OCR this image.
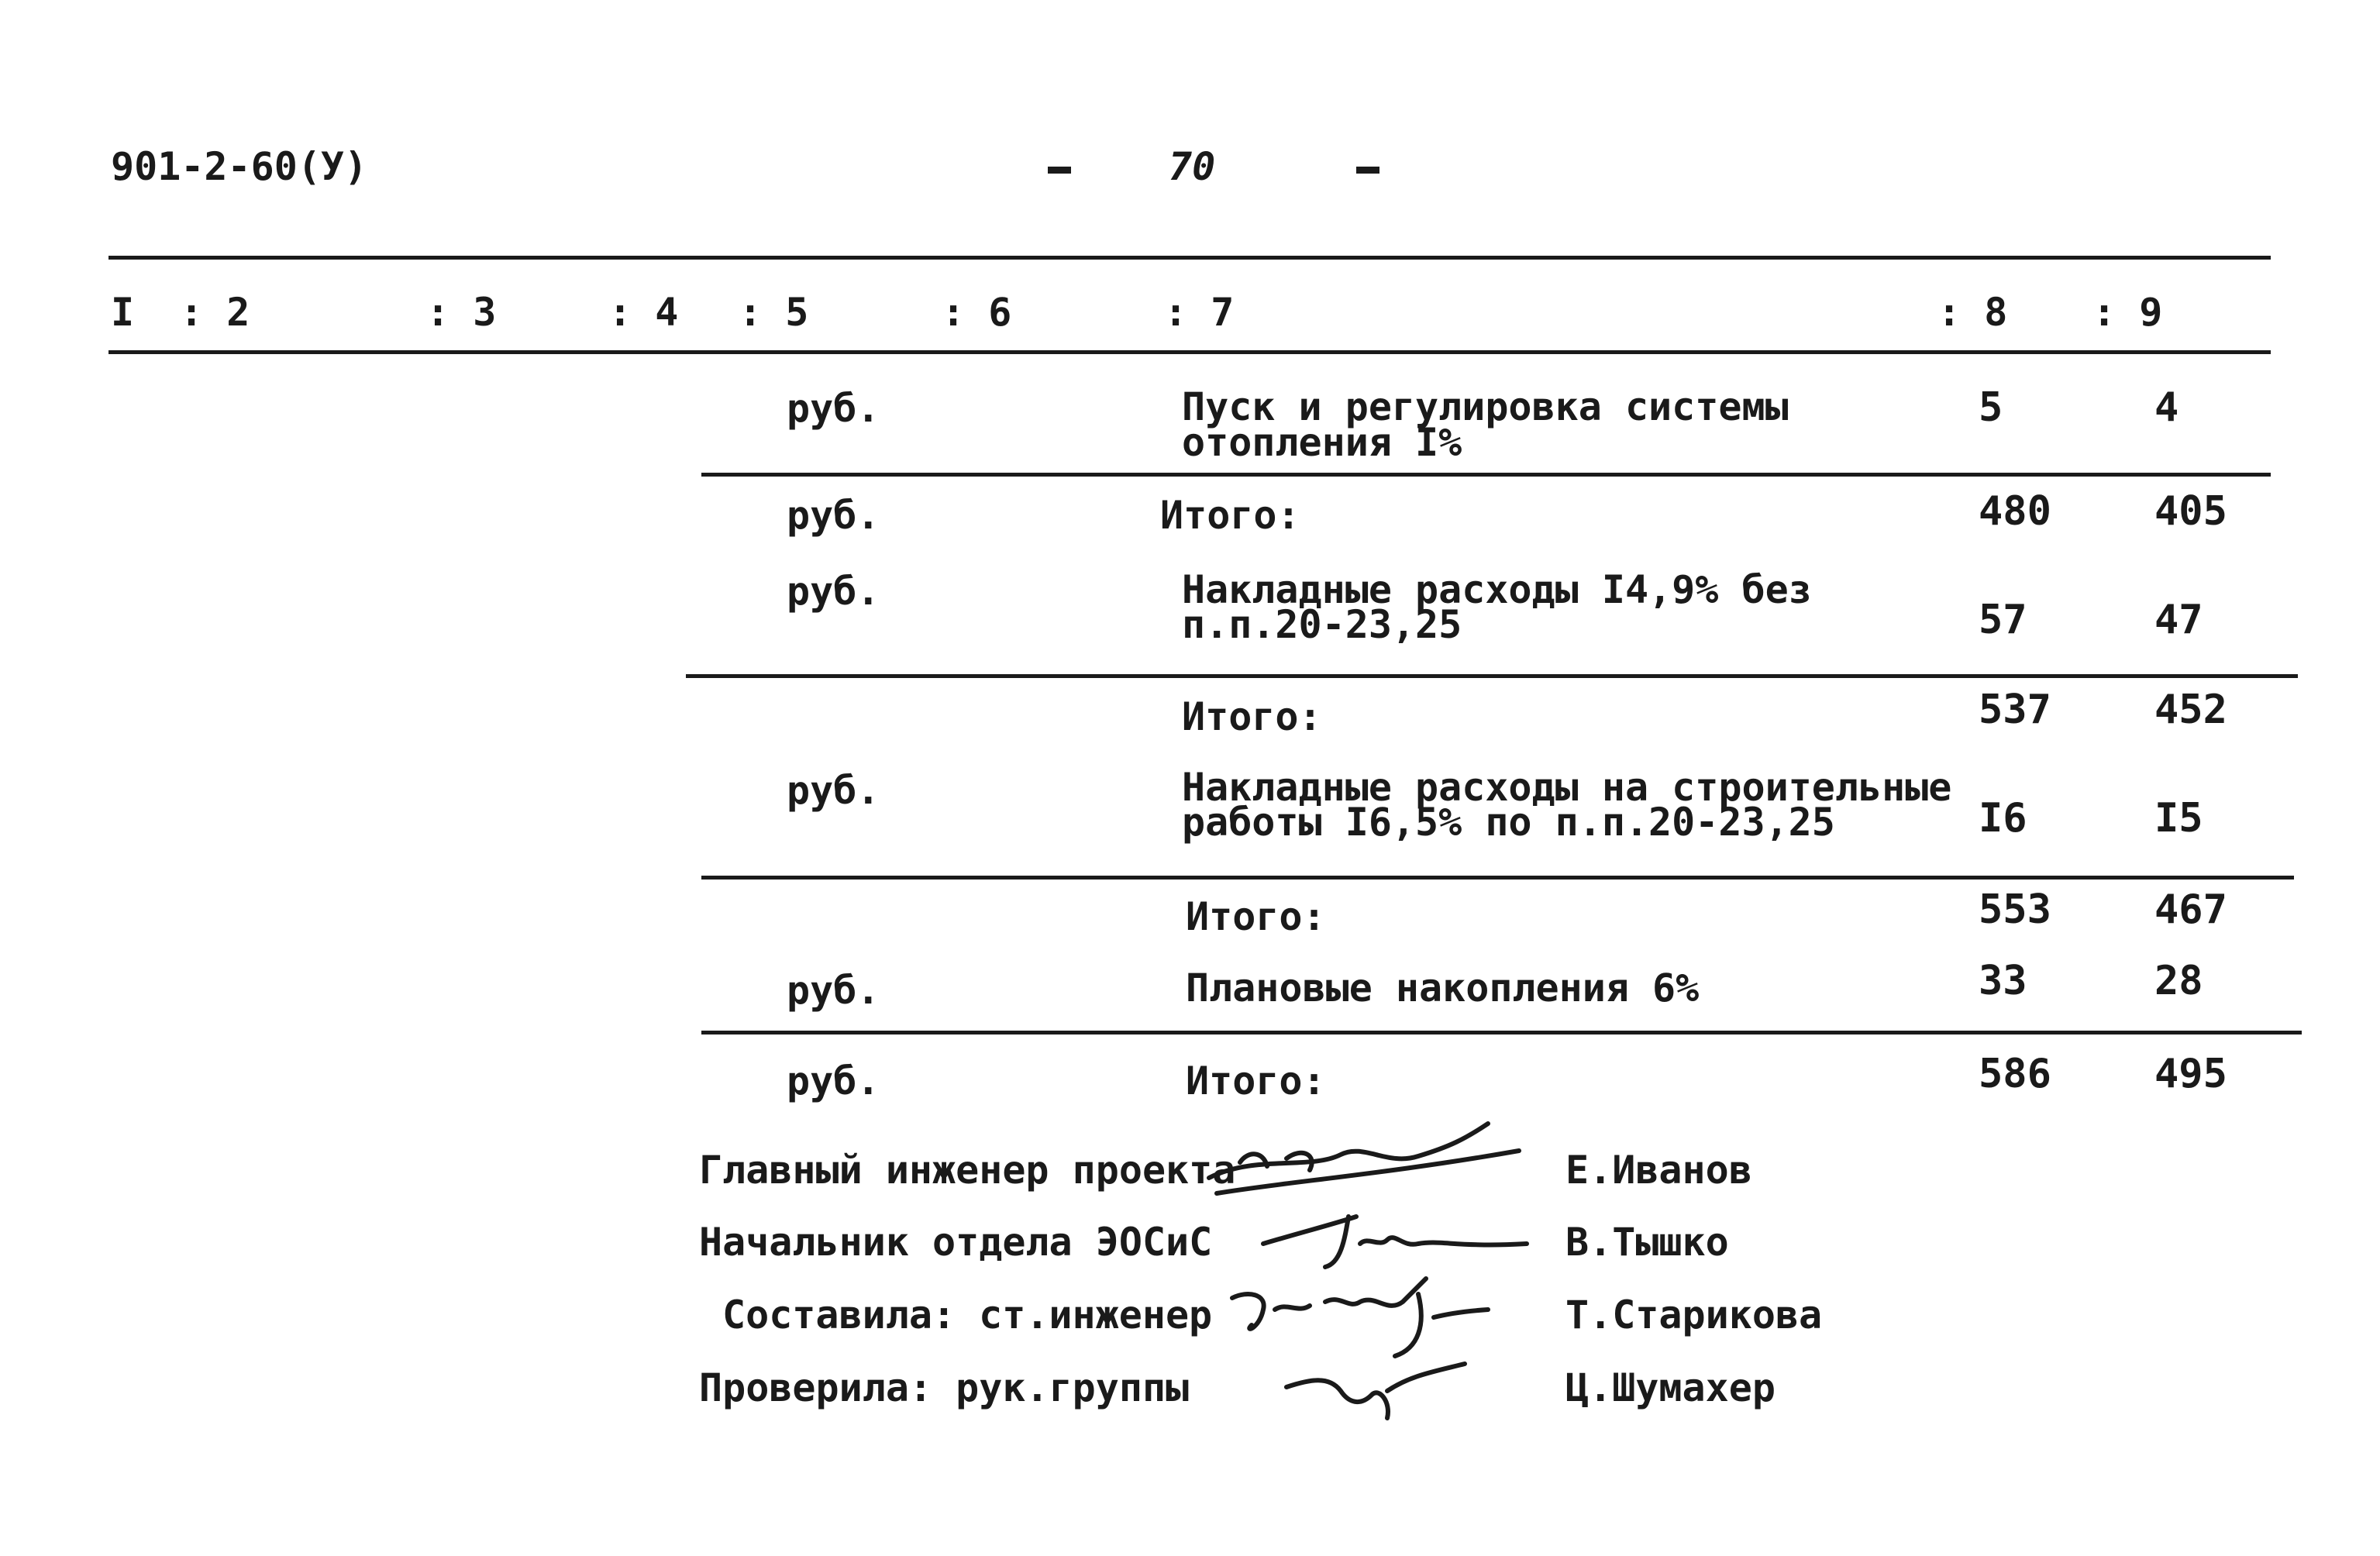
901-2-60(У)	70
I : 2	: 3	: 4 : 5	: 6	: 7	: 8 : 9
руб.	Пуск и регулировка системы
отопления I%
5	4
руб.	Итого:	480	405
руб.	Накладные расходы I4,9% без
п.п.20-23,25	57	47
Итого:	537	452
руб.	Накладные расходы на строительные
работы I6,5% по п.п.20-23,25	I6	I5
Итого:	553	467
руб.	Плановые накопления 6%	33	28
руб.	Итого:	586	495
Главный инженер проекта	Е.Иванов
Начальник отдела ЭОСиС	В.Тышко
Составила: ст.инженер	Т.Старикова
Проверила: рук.группы	Ц.Шумахер
